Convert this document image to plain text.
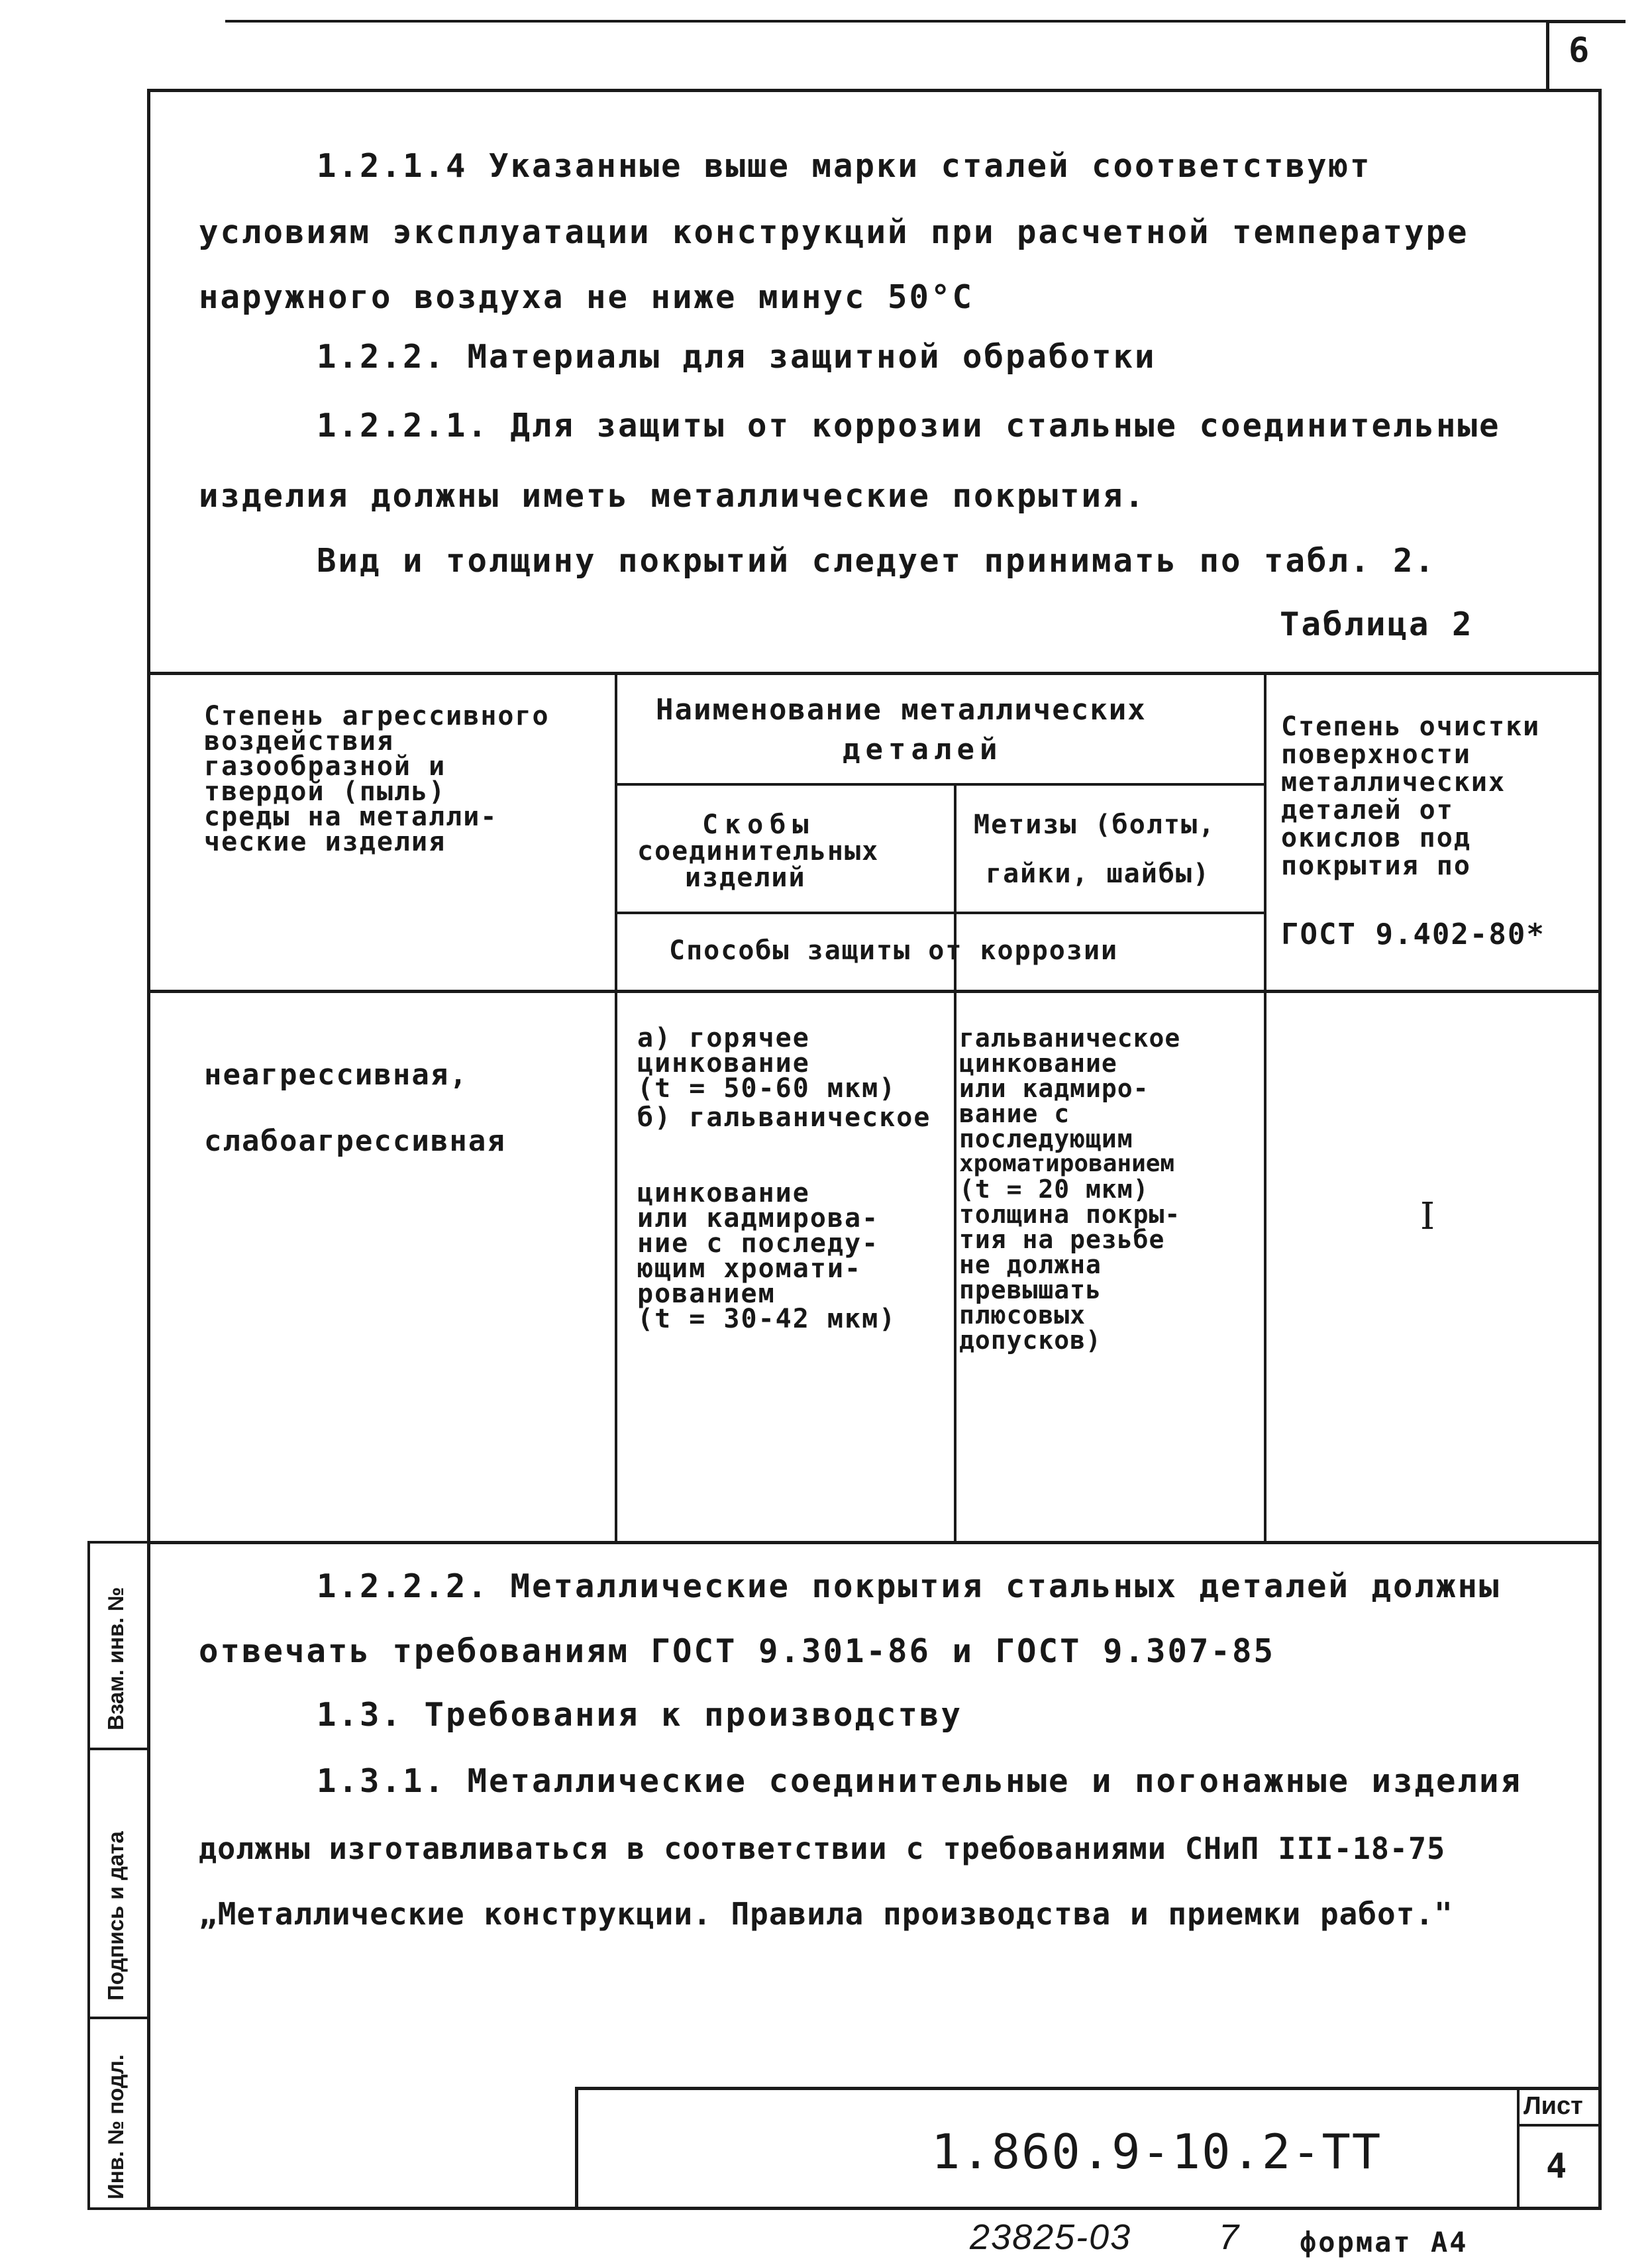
6
1.2.1.4 Указанные выше марки сталей соответствуют
условиям эксплуатации конструкций при расчетной температуре
наружного воздуха не ниже минус 50°С
1.2.2. Материалы для защитной обработки
1.2.2.1. Для защиты от коррозии стальные соединительные
изделия должны иметь металлические покрытия.
Вид и толщину покрытий следует принимать по табл. 2.
Таблица 2
Степень агрессивного
воздействия
газообразной и
твердой (пыль)
среды на металли-
ческие изделия
Наименование металлических
деталей
Скобы
соединительных
изделий
Метизы (болты,
гайки, шайбы)
Способы защиты от коррозии
Степень очистки
поверхности
металлических
деталей от
окислов под
покрытия по
ГОСТ 9.402-80*
неагрессивная,
слабоагрессивная
а) горячее
цинкование
(t = 50-60 мкм)
б) гальваническое
цинкование
или кадмирова-
ние с последу-
ющим хромати-
рованием
(t = 30-42 мкм)
гальваническое
цинкование
или кадмиро-
вание с
последующим
хроматированием
(t = 20 мкм)
толщина покры-
тия на резьбе
не должна
превышать
плюсовых
допусков)
I
1.2.2.2. Металлические покрытия стальных деталей должны
отвечать требованиям ГОСТ 9.301-86 и ГОСТ 9.307-85
1.3. Требования к производству
1.3.1. Металлические соединительные и погонажные изделия
должны изготавливаться в соответствии с требованиями СНиП III-18-75
„Металлические конструкции. Правила производства и приемки работ."
Взам. инв. №
Подпись и дата
Инв. № подл.	1.860.9-10.2-ТТ
Лист
4
23825-03 7 формат А4
